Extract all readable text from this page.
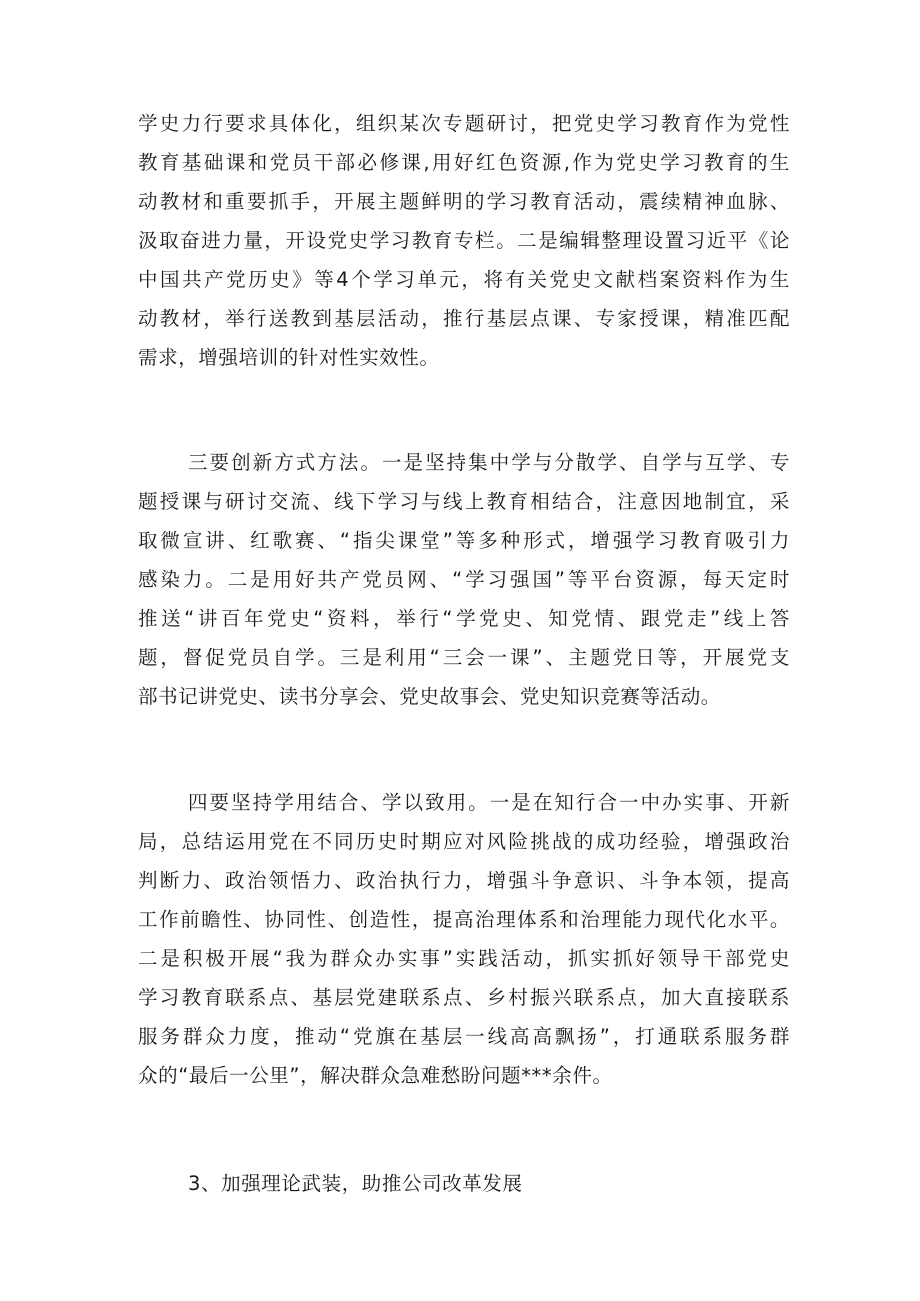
学史力行要求具体化，组织某次专题研讨，把党史学习教育作为党性
教育基础课和党员干部必修课,用好红色资源,作为党史学习教育的生
动教材和重要抓手，开展主题鲜明的学习教育活动，震续精神血脉、
汲取奋进力量，开设党史学习教育专栏。二是编辑整理设置习近平《论
中国共产党历史》等4个学习单元，将有关党史文献档案资料作为生
动教材，举行送教到基层活动，推行基层点课、专家授课，精准匹配
需求，增强培训的针对性实效性。
三要创新方式方法。一是坚持集中学与分散学、自学与互学、专
题授课与研讨交流、线下学习与线上教育相结合，注意因地制宜，采
取微宣讲、红歌赛、“指尖课堂”等多种形式，增强学习教育吸引力
感染力。二是用好共产党员网、“学习强国”等平台资源，每天定时
推送“讲百年党史“资料，举行“学党史、知党情、跟党走”线上答
题，督促党员自学。三是利用“三会一课”、主题党日等，开展党支
部书记讲党史、读书分享会、党史故事会、党史知识竞赛等活动。
四要坚持学用结合、学以致用。一是在知行合一中办实事、开新
局，总结运用党在不同历史时期应对风险挑战的成功经验，增强政治
判断力、政治领悟力、政治执行力，增强斗争意识、斗争本领，提高
工作前瞻性、协同性、创造性，提高治理体系和治理能力现代化水平。
二是积极开展“我为群众办实事”实践活动，抓实抓好领导干部党史
学习教育联系点、基层党建联系点、乡村振兴联系点，加大直接联系
服务群众力度，推动“党旗在基层一线高高飘扬”，打通联系服务群
众的“最后一公里”，解决群众急难愁盼问题***余件。
3、加强理论武装，助推公司改革发展
